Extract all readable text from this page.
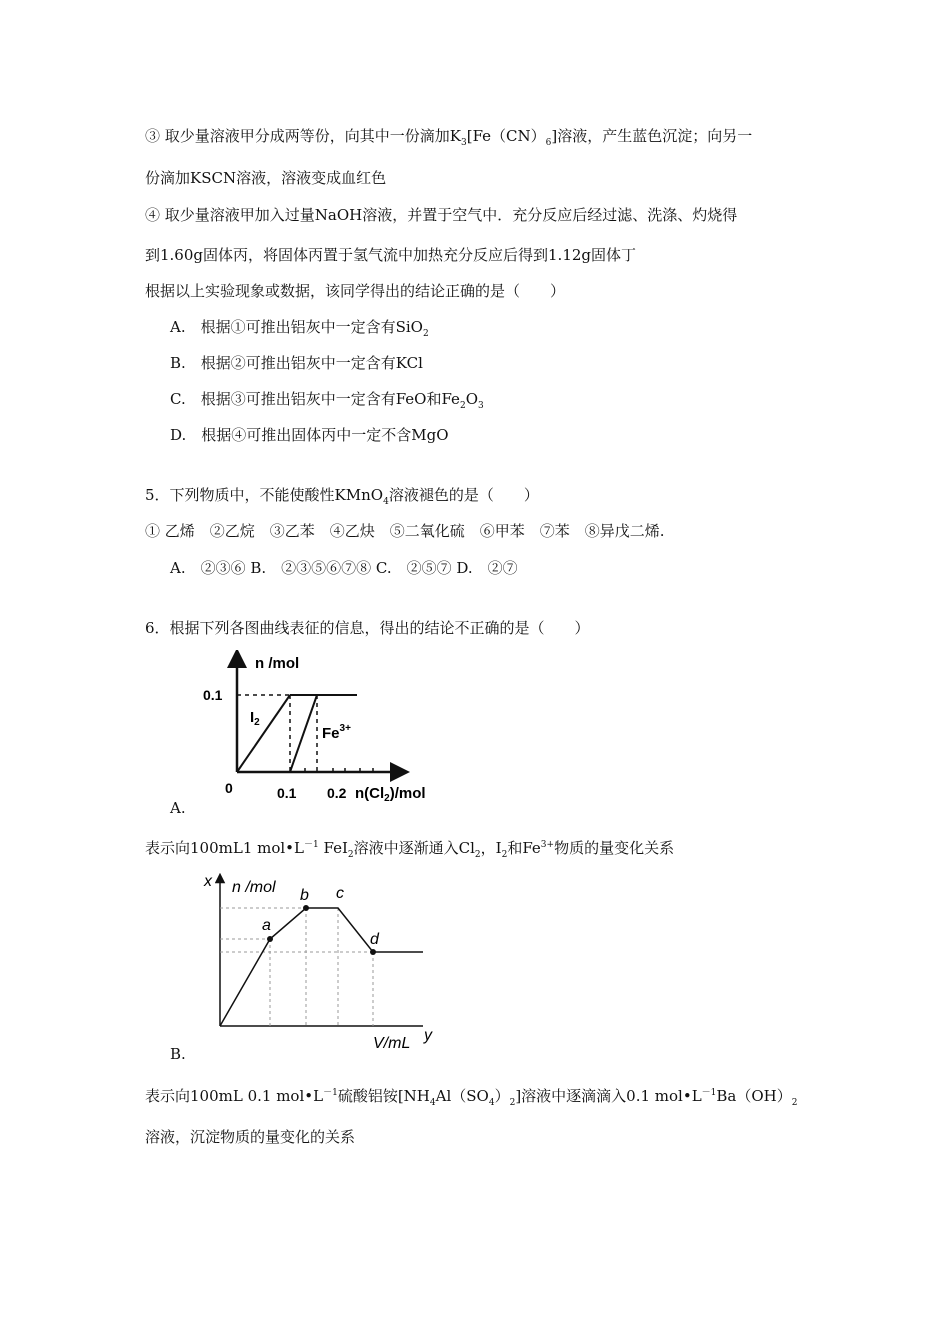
③ 取少量溶液甲分成两等份，向其中一份滴加$K_3[Fe(CN)_6]$溶液，产生蓝色沉淀；向另一
份滴加KSCN溶液，溶液变成血红色
④ 取少量溶液甲加入过量NaOH溶液，并置于空气中．充分反应后经过滤、洗涤、灼烧得
到1.60g固体丙，将固体丙置于氢气流中加热充分反应后得到1.12g固体丁
根据以上实验现象或数据，该同学得出的结论正确的是（　　）
A.　根据①可推出铝灰中一定含有SiO$_2$
B.　根据②可推出铝灰中一定含有KCl
C.　根据③可推出铝灰中一定含有FeO和$Fe_2O_3$
D.　根据④可推出固体丙中一定不含MgO
5．下列物质中，不能使酸性KMnO$_4$溶液褪色的是（　　）
① 乙烯　②乙烷　③乙苯　④乙炔　⑤二氧化硫　⑥甲苯　⑦苯　⑧异戊二烯.
A.　②③⑥ B.　②③⑤⑥⑦⑧ C.　②⑤⑦ D.　②⑦
6．根据下列各图曲线表征的信息，得出的结论不正确的是（　　）
n /mol
0.1
0	0.1 0.2 $n(Cl_2)$/mol
$I_2$
$Fe^{3+}$
A.
表示向100mL1 $mol•L^{-1}$ FeI$_2$溶液中逐渐通入$Cl_2$，$I_2$和$Fe^{3+}$物质的量变化关系
x n /mol
a
b c
d
V/mL y
B.
表示向100mL 0.1 $mol•L^{-1}$硫酸铝铵$[NH_4Al(SO_4)_2]$溶液中逐滴滴入0.1 $mol•L^{-1}Ba(OH)_2$
溶液，沉淀物质的量变化的关系
